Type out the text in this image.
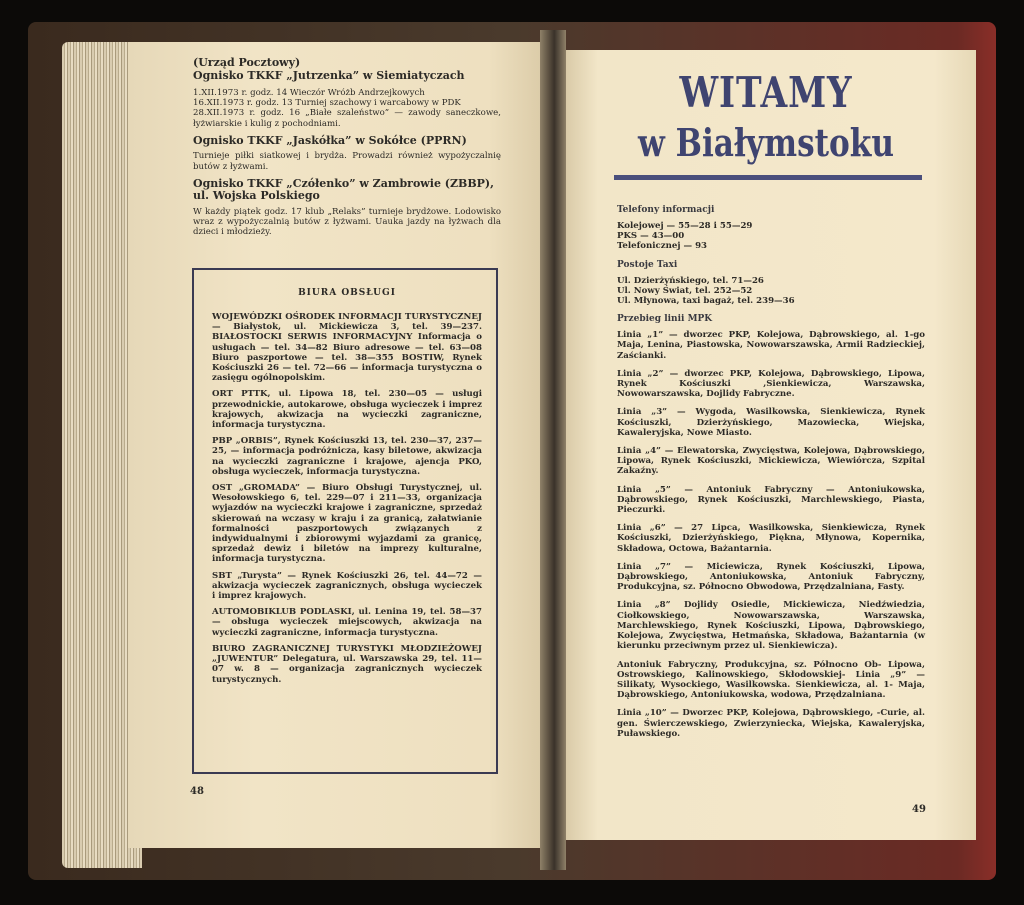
(Urząd Pocztowy)

Ognisko TKKF „Jutrzenka” w Siemiatyczach

1.XII.1973 r. godz. 14 Wieczór Wróżb Andrzejkowych

16.XII.1973 r. godz. 13 Turniej szachowy i warcabowy w PDK

28.XII.1973 r. godz. 16 „Białe szaleństwo” — zawody saneczkowe, łyżwiarskie i kulig z pochodniami.

Ognisko TKKF „Jaskółka” w Sokółce (PPRN)

Turnieje piłki siatkowej i brydża. Prowadzi również wypożyczalnię butów z łyżwami.

Ognisko TKKF „Czółenko” w Zambrowie (ZBBP), ul. Wojska Polskiego

W każdy piątek godz. 17 klub „Relaks” turnieje brydżowe. Lodowisko wraz z wypożyczalnią butów z łyżwami. Uauka jazdy na łyżwach dla dzieci i młodzieży.

BIURA OBSŁUGI

WOJEWÓDZKI OŚRODEK INFORMACJI TURYSTYCZNEJ — Białystok, ul. Mickiewicza 3, tel. 39—237. BIAŁOSTOCKI SERWIS INFORMACYJNY Informacja o usługach — tel. 34—82 Biuro adresowe — tel. 63—08 Biuro paszportowe — tel. 38—355 BOSTIW, Rynek Kościuszki 26 — tel. 72—66 — informacja turystyczna o zasięgu ogólnopolskim.

ORT PTTK, ul. Lipowa 18, tel. 230—05 — usługi przewodnickie, autokarowe, obsługa wycieczek i imprez krajowych, akwizacja na wycieczki zagraniczne, informacja turystyczna.

PBP „ORBIS”, Rynek Kościuszki 13, tel. 230—37, 237—25, — informacja podróżnicza, kasy biletowe, akwizacja na wycieczki zagraniczne i krajowe, ajencja PKO, obsługa wycieczek, informacja turystyczna.

OST „GROMADA” — Biuro Obsługi Turystycznej, ul. Wesołowskiego 6, tel. 229—07 i 211—33, organizacja wyjazdów na wycieczki krajowe i zagraniczne, sprzedaż skierowań na wczasy w kraju i za granicą, załatwianie formalności paszportowych związanych z indywidualnymi i zbiorowymi wyjazdami za granicę, sprzedaż dewiz i biletów na imprezy kulturalne, informacja turystyczna.

SBT „Turysta” — Rynek Kościuszki 26, tel. 44—72 — akwizacja wycieczek zagranicznych, obsługa wycieczek i imprez krajowych.

AUTOMOBIKLUB PODLASKI, ul. Lenina 19, tel. 58—37 — obsługa wycieczek miejscowych, akwizacja na wycieczki zagraniczne, informacja turystyczna.

BIURO ZAGRANICZNEJ TURYSTYKI MŁODZIEŻOWEJ „JUWENTUR” Delegatura, ul. Warszawska 29, tel. 11—07 w. 8 — organizacja zagranicznych wycieczek turystycznych.

48
WITAMY
w Białymstoku

Telefony informacji

Kolejowej — 55—28 i 55—29

PKS — 43—00

Telefonicznej — 93

Postoje Taxi

Ul. Dzierżyńskiego, tel. 71—26

Ul. Nowy Świat, tel. 252—52

Ul. Młynowa, taxi bagaż, tel. 239—36

Przebieg linii MPK

Linia „1” — dworzec PKP, Kolejowa, Dąbrowskiego, al. 1-go Maja, Lenina, Piastowska, Nowowarszawska, Armii Radzieckiej, Zaścianki.

Linia „2” — dworzec PKP, Kolejowa, Dąbrowskiego, Lipowa, Rynek Kościuszki ,Sienkiewicza, Warszawska, Nowowarszawska, Dojlidy Fabryczne.

Linia „3” — Wygoda, Wasilkowska, Sienkiewicza, Rynek Kościuszki, Dzierżyńskiego, Mazowiecka, Wiejska, Kawaleryjska, Nowe Miasto.

Linia „4” — Elewatorska, Zwycięstwa, Kolejowa, Dąbrowskiego, Lipowa, Rynek Kościuszki, Mickiewicza, Wiewiórcza, Szpital Zakaźny.

Linia „5” — Antoniuk Fabryczny — Antoniukowska, Dąbrowskiego, Rynek Kościuszki, Marchlewskiego, Piasta, Pieczurki.

Linia „6” — 27 Lipca, Wasilkowska, Sienkiewicza, Rynek Kościuszki, Dzierżyńskiego, Piękna, Młynowa, Kopernika, Składowa, Octowa, Bażantarnia.

Linia „7” — Miciewicza, Rynek Kościuszki, Lipowa, Dąbrowskiego, Antoniukowska, Antoniuk Fabryczny, Produkcyjna, sz. Północno Obwodowa, Przędzalniana, Fasty.

Linia „8” Dojlidy Osiedle, Mickiewicza, Niedźwiedzia, Ciołkowskiego, Nowowarszawska, Warszawska, Marchlewskiego, Rynek Kościuszki, Lipowa, Dąbrowskiego, Kolejowa, Zwycięstwa, Hetmańska, Składowa, Bażantarnia (w kierunku przeciwnym przez ul. Sienkiewicza).

Antoniuk Fabryczny, Produkcyjna, sz. Północno Ob- Lipowa, Ostrowskiego, Kalinowskiego, Skłodowskiej- Linia „9” — Silikaty, Wysockiego, Wasilkowska. Sienkiewicza, al. 1- Maja, Dąbrowskiego, Antoniukowska, wodowa, Przędzalniana.

Linia „10” — Dworzec PKP, Kolejowa, Dąbrowskiego, -Curie, al. gen. Świerczewskiego, Zwierzyniecka, Wiejska, Kawaleryjska, Puławskiego.

49
